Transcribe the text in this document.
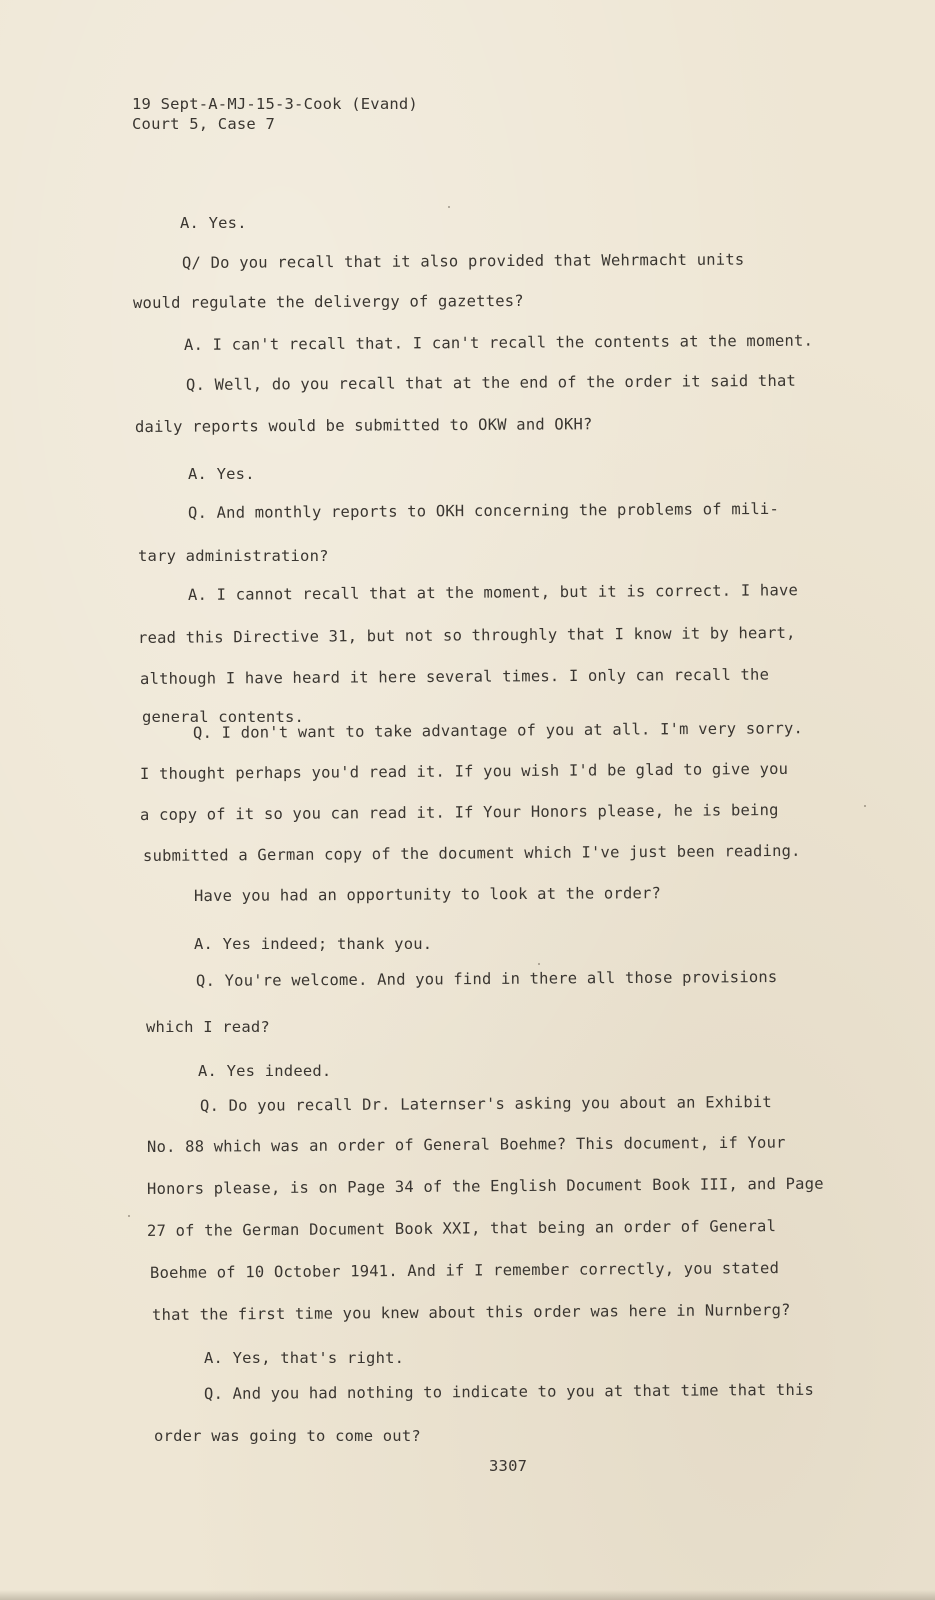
19 Sept-A-MJ-15-3-Cook (Evand)
Court 5, Case 7
A. Yes.
Q/ Do you recall that it also provided that Wehrmacht units
would regulate the delivergy of gazettes?
A. I can't recall that. I can't recall the contents at the moment.
Q. Well, do you recall that at the end of the order it said that
daily reports would be submitted to OKW and OKH?
A. Yes.
Q. And monthly reports to OKH concerning the problems of mili-
tary administration?
A. I cannot recall that at the moment, but it is correct. I have
read this Directive 31, but not so throughly that I know it by heart,
although I have heard it here several times. I only can recall the
general contents.
Q. I don't want to take advantage of you at all. I'm very sorry.
I thought perhaps you'd read it. If you wish I'd be glad to give you
a copy of it so you can read it. If Your Honors please, he is being
submitted a German copy of the document which I've just been reading.
Have you had an opportunity to look at the order?
A. Yes indeed; thank you.
Q. You're welcome. And you find in there all those provisions
which I read?
A. Yes indeed.
Q. Do you recall Dr. Laternser's asking you about an Exhibit
No. 88 which was an order of General Boehme? This document, if Your
Honors please, is on Page 34 of the English Document Book III, and Page
27 of the German Document Book XXI, that being an order of General
Boehme of 10 October 1941. And if I remember correctly, you stated
that the first time you knew about this order was here in Nurnberg?
A. Yes, that's right.
Q. And you had nothing to indicate to you at that time that this
order was going to come out?
3307
